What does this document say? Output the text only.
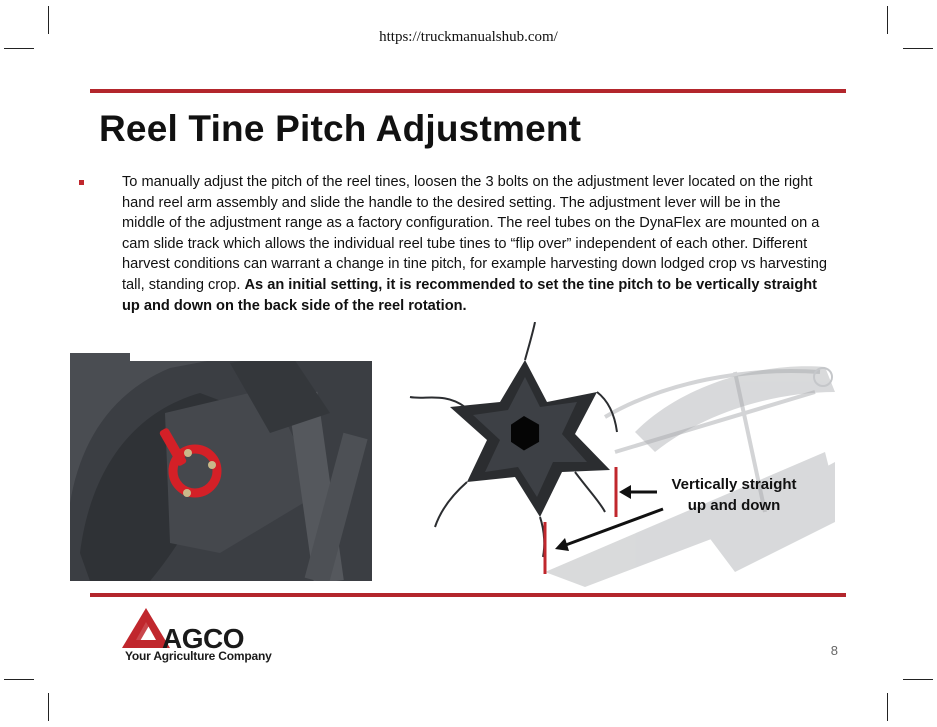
https://truckmanualshub.com/
Reel Tine Pitch Adjustment

To manually adjust the pitch of the reel tines, loosen the 3 bolts on the adjustment lever located on the right hand reel arm assembly and slide the handle to the desired setting. The adjustment lever will be in the middle of the adjustment range as a factory configuration. The reel tubes on the DynaFlex are mounted on a cam slide track which allows the individual reel tube tines to “flip over” independent of each other. Different harvest conditions can warrant a change in tine pitch, for example harvesting down lodged crop vs harvesting tall, standing crop. As an initial setting, it is recommended to set the tine pitch to be vertically straight up and down on the back side of the reel rotation.

Vertically straight up and down
AGCO
Your Agriculture Company	8
